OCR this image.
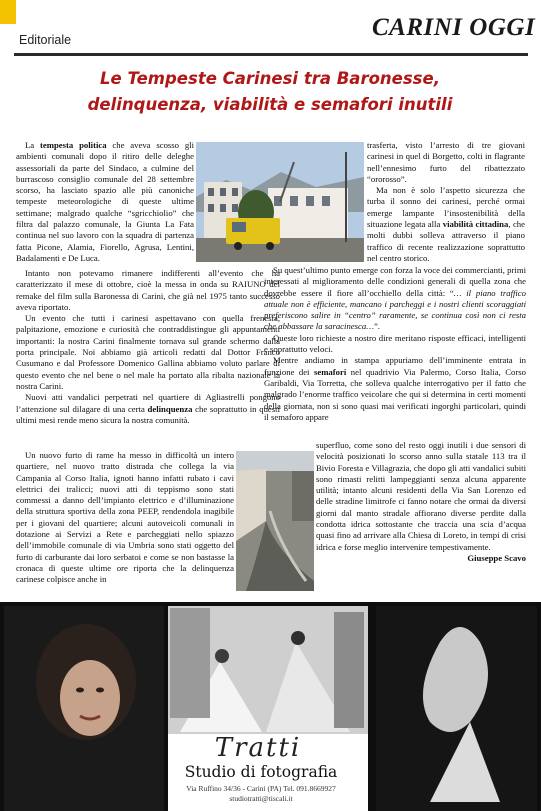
Editoriale	CARINI OGGI
Le Tempeste Carinesi tra Baronesse,
delinquenza, viabilità e semafori inutili

La tempesta politica che aveva scosso gli ambienti comunali dopo il ritiro delle deleghe assessoriali da parte del Sindaco, a culmine del burrascoso consiglio comunale del 28 settembre scorso, ha lasciato spazio alle più canoniche tempeste meteorologiche di queste ultime settimane; malgrado qualche “sgricchiolio” che filtra dal palazzo comunale, la Giunta La Fata continua nel suo lavoro con la squadra di partenza fatta Picone, Alamia, Fiorello, Agrusa, Lentini, Badalamenti e De Luca.

trasferta, visto l’arresto di tre giovani carinesi in quel di Borgetto, colti in flagrante nell’ennesimo furto del ribattezzato “ororosso”.

Ma non è solo l’aspetto sicurezza che turba il sonno dei carinesi, perché ormai emerge lampante l’insostenibilità della situazione legata alla viabilità cittadina, che molti dubbi solleva attraverso il piano traffico di recente realizzazione soprattutto nel centro storico.

Intanto non potevamo rimanere indifferenti all’evento che ha caratterizzato il mese di ottobre, cioè la messa in onda su RAIUNO del remake del film sulla Baronessa di Carini, che già nel 1975 tanto successo aveva riportato.

Un evento che tutti i carinesi aspettavano con quella frenesia, palpitazione, emozione e curiosità che contraddistingue gli appuntamenti importanti: la nostra Carini finalmente tornava sul grande schermo dalla porta principale. Noi abbiamo già articoli redatti dal Dottor Franco Cusumano e dal Professore Domenico Gallina abbiamo voluto parlare di questo evento che nel bene o nel male ha portato alla ribalta nazionale la nostra Carini.

Nuovi atti vandalici perpetrati nel quartiere di Agliastrelli pongono l’attenzione sul dilagare di una certa delinquenza che soprattutto in questi ultimi mesi rende meno sicura la nostra comunità.

Un nuovo furto di rame ha messo in difficoltà un intero quartiere, nel nuovo tratto distrada che collega la via Campania al Corso Italia, ignoti hanno infatti rubato i cavi elettrici dei tralicci; nuovi atti di teppismo sono stati commessi a danno dell’impianto elettrico e d’illuminazione della struttura sportiva della zona PEEP, rendendola inagibile per i giovani del quartiere; alcuni autoveicoli comunali in dotazione ai Servizi a Rete e parcheggiati nello spiazzo dell’immobile comunale di via Umbria sono stati oggetto del furto di carburante dai loro serbatoi e come se non bastasse la cronaca di queste ultime ore riporta che la delinquenza carinese colpisce anche in

Su quest’ultimo punto emerge con forza la voce dei commercianti, primi interessati al miglioramento delle condizioni generali di quella zona che dovrebbe essere il fiore all’occhiello della città: “… il piano traffico attuale non è efficiente, mancano i parcheggi e i nostri clienti scoraggiati preferiscono salire in “centro” raramente, se continua così non ci resta che abbassare la saracinesca…”.

Queste loro richieste a nostro dire meritano risposte efficaci, intelligenti e soprattutto veloci.

Mentre andiamo in stampa appuriamo dell’imminente entrata in funzione dei semafori nel quadrivio Via Palermo, Corso Italia, Corso Garibaldi, Via Torretta, che solleva qualche interrogativo per il fatto che malgrado l’enorme traffico veicolare che qui si determina in certi momenti della giornata, non si sono quasi mai verificati ingorghi particolari, quindi il semaforo appare

superfluo, come sono del resto oggi inutili i due sensori di velocità posizionati lo scorso anno sulla statale 113 tra il Bivio Foresta e Villagrazia, che dopo gli atti vandalici subiti sono rimasti relitti lampeggianti senza alcuna apparente utilità; intanto alcuni residenti della Via San Lorenzo ed delle stradine limitrofe ci fanno notare che ormai da diversi giorni dal manto stradale affiorano diverse perdite dalla condotta idrica sottostante che traccia una scia d’acqua quasi fino ad arrivare alla Chiesa di Loreto, in tempi di crisi idrica e forse meglio intervenire tempestivamente.

Giuseppe Scavo

Tratti
Studio di fotografia
Via Ruffino 34/36 - Carini (PA) Tel. 091.8669927
studiotratti@tiscali.it
